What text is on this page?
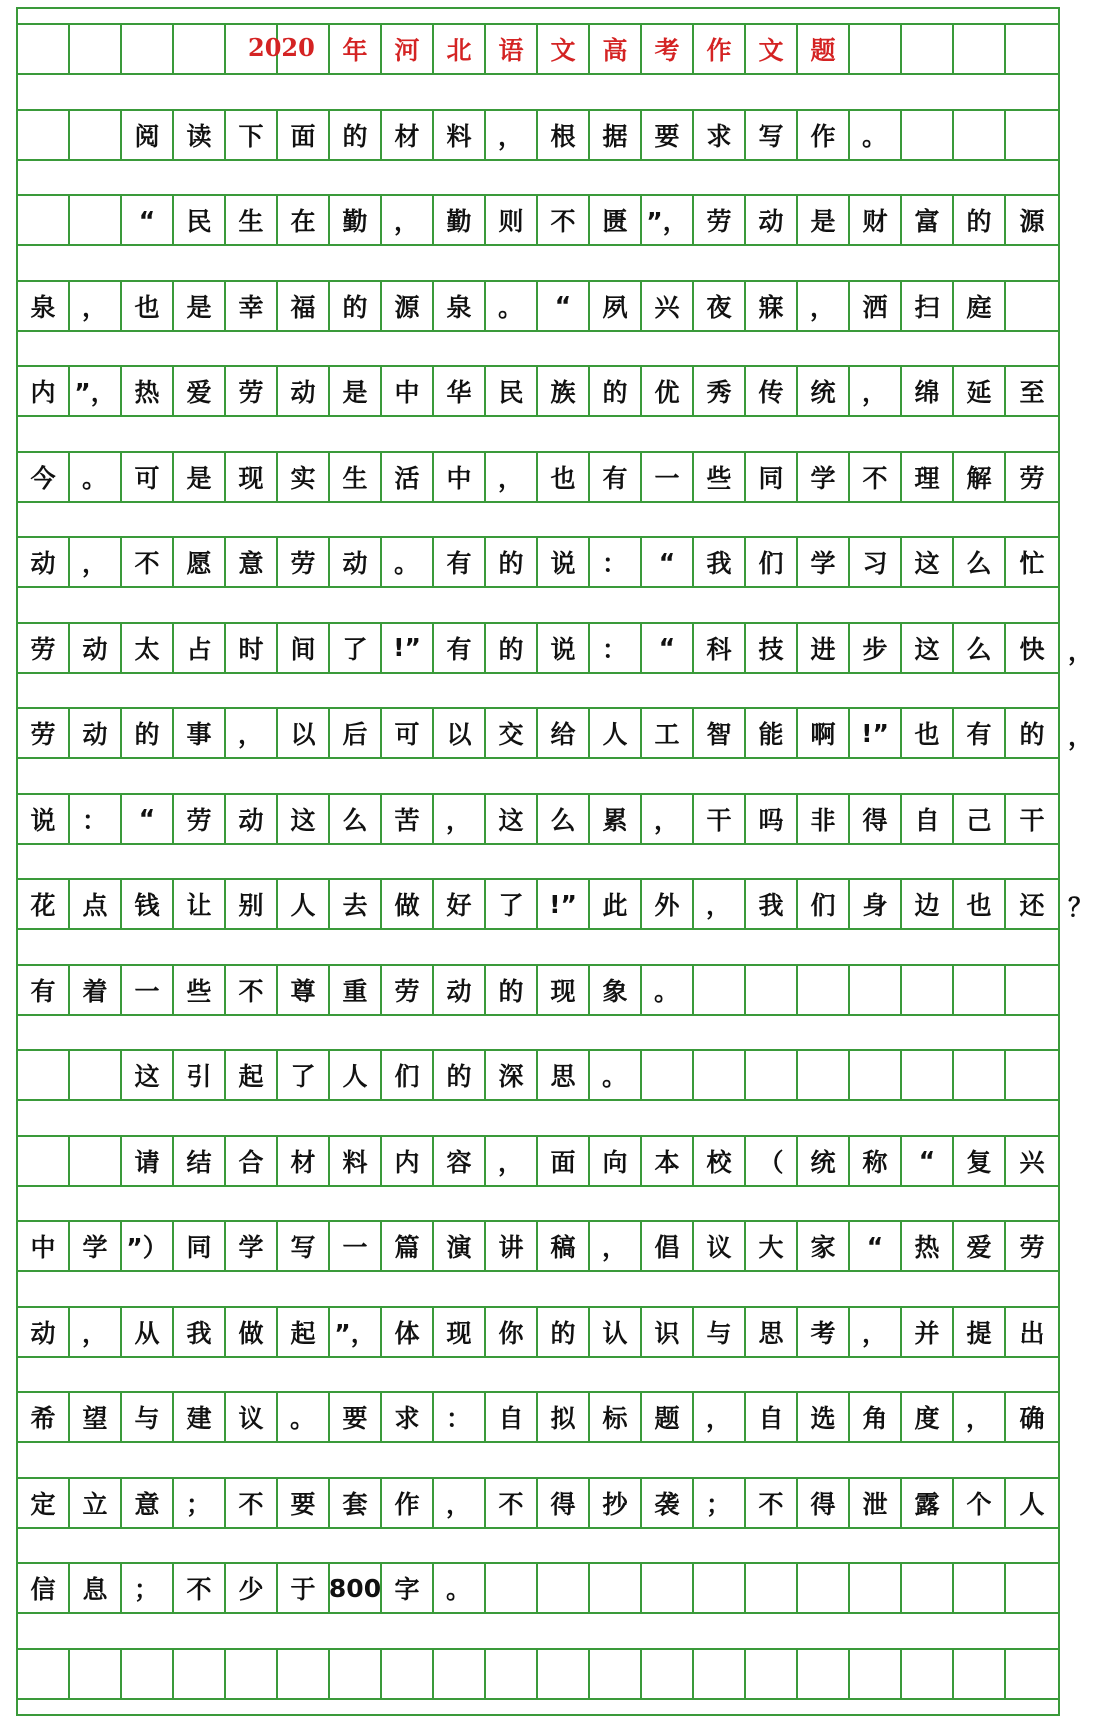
年	河	北	语	文	高	考	作	文	题
2020
阅	读	下	面	的	材	料	，	根	据	要	求	写	作	。
“	民	生	在	勤	，	勤	则	不	匮 ”， 劳	动	是	财	富	的	源
泉	，	也	是	幸	福	的	源	泉	。	“	夙	兴	夜	寐	，	洒	扫	庭
内 ”， 热	爱	劳	动	是	中	华	民	族	的	优	秀	传	统	，	绵	延	至
今	。	可	是	现	实	生	活	中	，	也	有	一	些	同	学	不	理	解	劳
动	，	不	愿	意	劳	动	。	有	的	说	：	“	我	们	学	习	这	么	忙
劳	动	太	占	时	间	了	!”	有	的	说	：	“	科	技	进	步	这	么	快
劳	动	的	事	，	以	后	可	以	交	给	人	工	智	能	啊	!”	也	有	的
说	：	“	劳	动	这	么	苦	，	这	么	累	，	干	吗	非	得	自	己	干
花	点	钱	让	别	人	去	做	好	了	!”	此	外	，	我	们	身	边	也	还
有	着	一	些	不	尊	重	劳	动	的	现	象	。
这	引	起	了	人	们	的	深	思	。
请	结	合	材	料	内	容	，	面	向	本	校	（	统	称	“	复	兴
中	学 ”） 同	学	写	一	篇	演	讲	稿	，	倡	议	大	家	“	热	爱	劳
动	，	从	我	做	起 ”， 体	现	你	的	认	识	与	思	考	，	并	提	出
希	望	与	建	议	。	要	求	：	自	拟	标	题	，	自	选	角	度	，	确
定	立	意	；	不	要	套	作	，	不	得	抄	袭	；	不	得	泄	露	个	人
信	息	；	不	少	于 800 字	。
，
，
？
